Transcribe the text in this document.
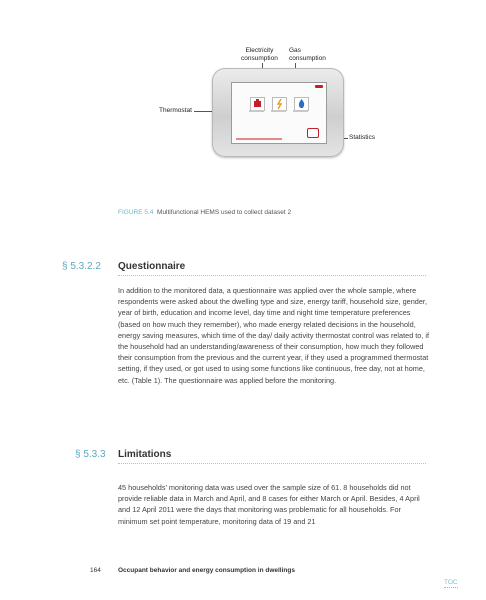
Electricity
consumption
Gas
consumption
Thermostat
Statistics
FIGURE 5.4 Multifunctional HEMS used to collect dataset 2
§ 5.3.2.2 Questionnaire

In addition to the monitored data, a questionnaire was applied over the whole sample, where respondents were asked about the dwelling type and size, energy tariff, household size, gender, year of birth, education and income level, day time and night time temperature preferences (based on how much they remember), who made energy related decisions in the household, energy saving measures, which time of the day/ daily activity thermostat control was related to, if the household had an understanding/awareness of their consumption, how much they followed their consumption from the previous and the current year, if they used a programmed thermostat setting, if they used, or got used to using some functions like continuous, free day, not at home, etc. (Table 1). The questionnaire was applied before the monitoring.

§ 5.3.3 Limitations

45 households’ monitoring data was used over the sample size of 61. 8 households did not provide reliable data in March and April, and 8 cases for either March or April. Besides, 4 April and 12 April 2011 were the days that monitoring was problematic for all households. For minimum set point temperature, monitoring data of 19 and 21

164	Occupant behavior and energy consumption in dwellings
TOC
